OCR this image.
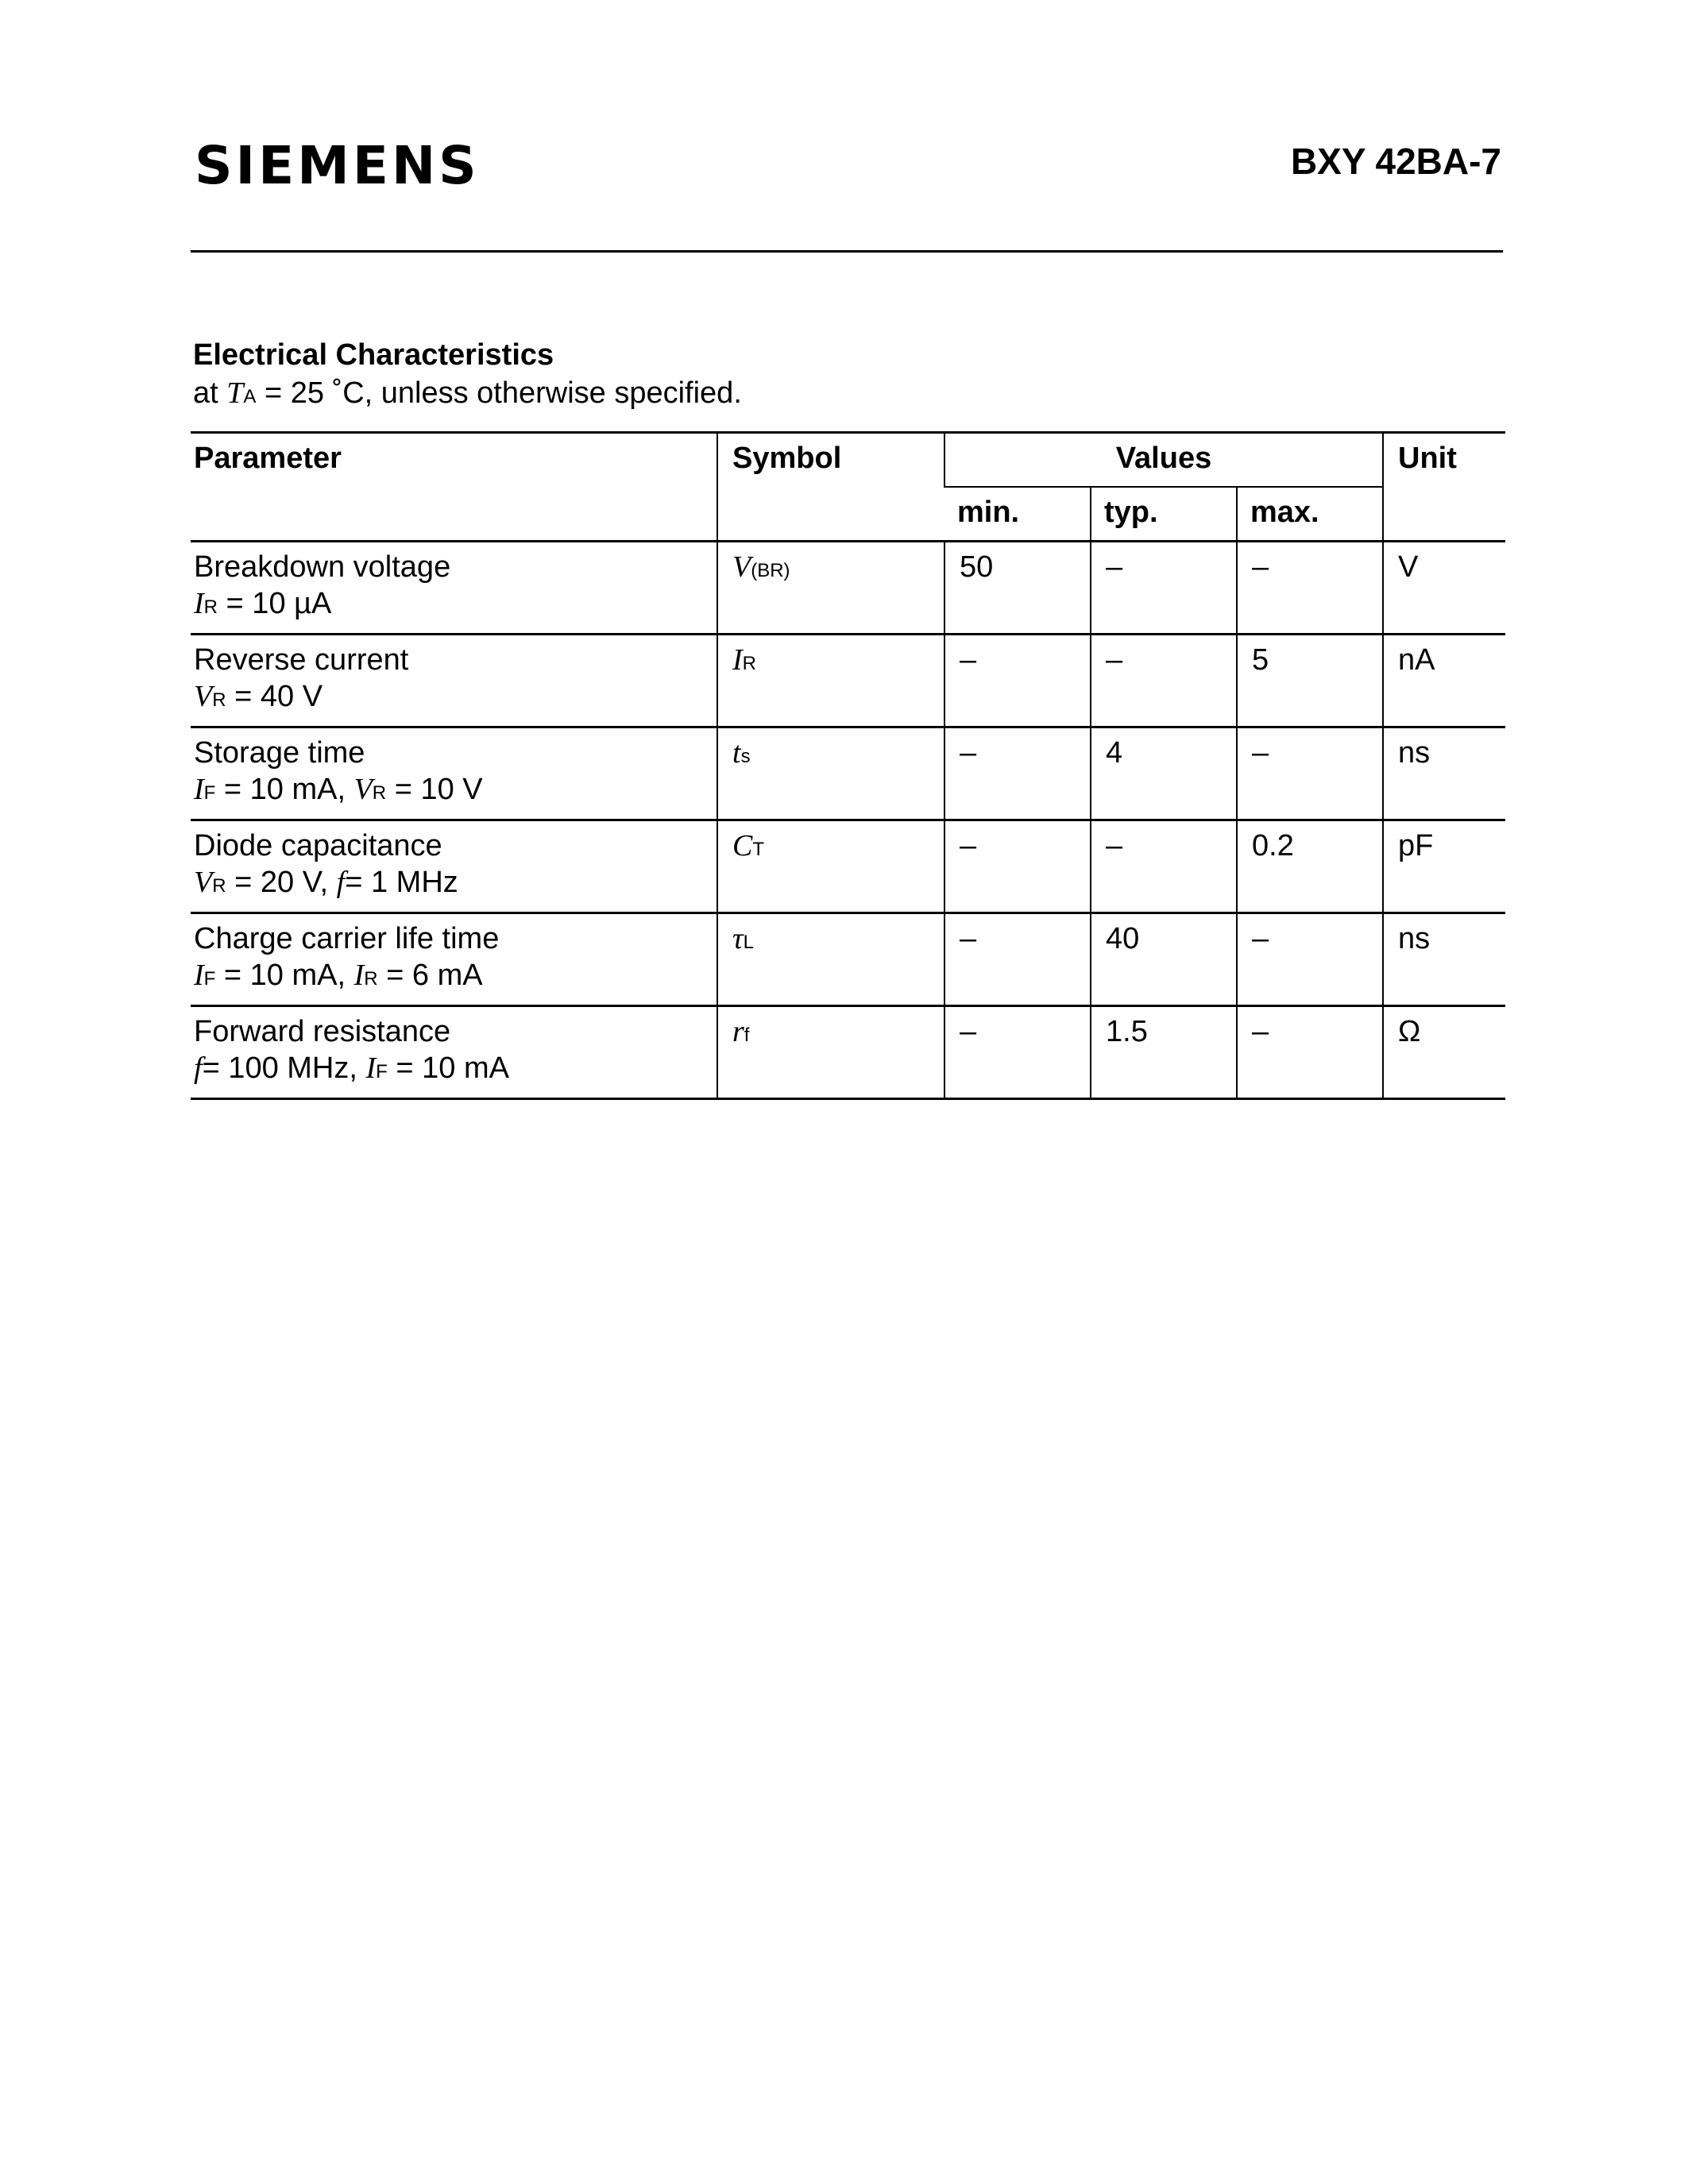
SIEMENS	BXY 42BA-7
Electrical Characteristics
at TA = 25 ˚C, unless otherwise specified.
Parameter	Symbol	Values			Unit
		min.	typ.	max.	

Breakdown voltage
IR = 10 µA	V(BR)	50	–	–	V

Reverse current
VR = 40 V	IR	–	–	5	nA

Storage time
IF = 10 mA, VR = 10 V	ts	–	4	–	ns

Diode capacitance
VR = 20 V, f= 1 MHz	CT	–	–	0.2	pF

Charge carrier life time
IF = 10 mA, IR = 6 mA	τL	–	40	–	ns

Forward resistance
f= 100 MHz, IF = 10 mA	rf	–	1.5	–	Ω
